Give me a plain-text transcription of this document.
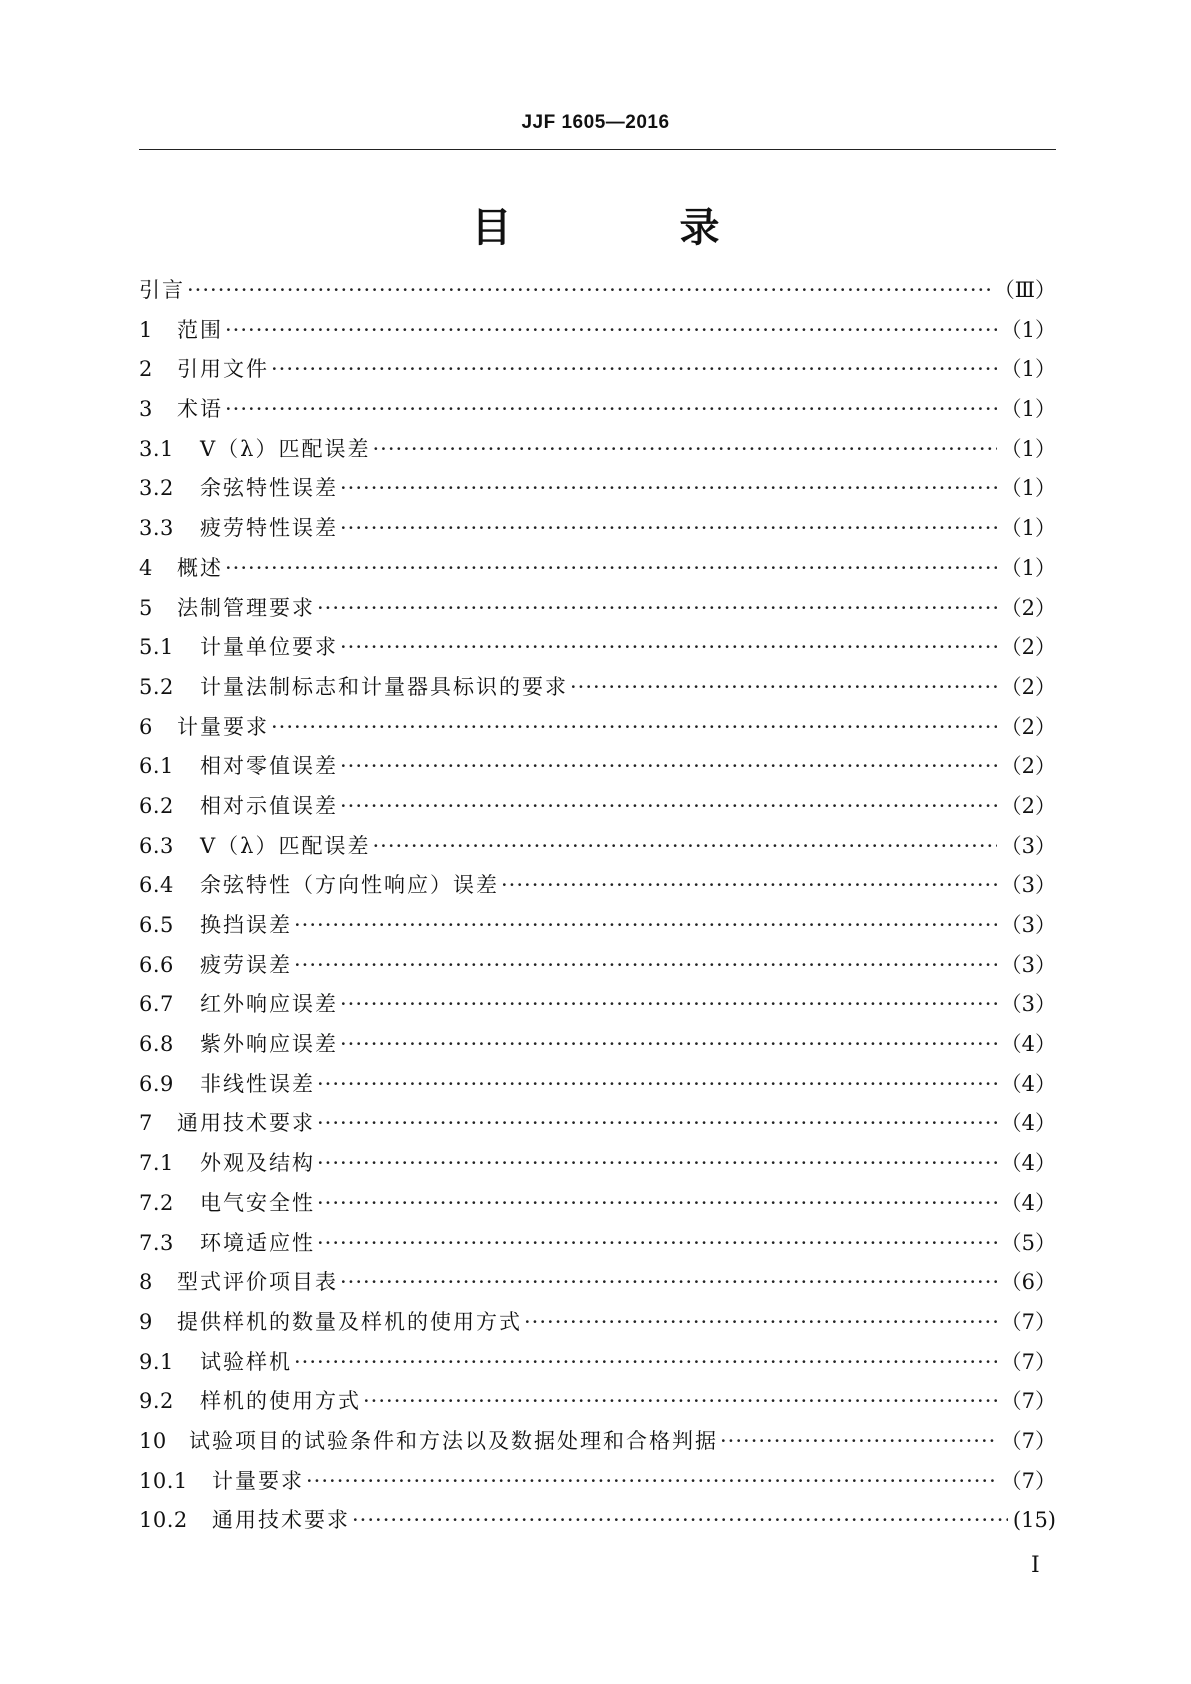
JJF 1605—2016
目　录
引言 ·····	（Ⅲ）
1	范围 ·····	（1）
2	引用文件 ·····	（1）
3	术语 ·····	（1）
3.1	V（λ）匹配误差 ·····	（1）
3.2	余弦特性误差 ·····	（1）
3.3	疲劳特性误差 ·····	（1）
4	概述 ·····	（1）
5	法制管理要求 ·····	（2）
5.1	计量单位要求 ·····	（2）
5.2	计量法制标志和计量器具标识的要求 ·····	（2）
6	计量要求 ·····	（2）
6.1	相对零值误差 ·····	（2）
6.2	相对示值误差 ·····	（2）
6.3	V（λ）匹配误差 ·····	（3）
6.4	余弦特性（方向性响应）误差 ·····	（3）
6.5	换挡误差 ·····	（3）
6.6	疲劳误差 ·····	（3）
6.7	红外响应误差 ·····	（3）
6.8	紫外响应误差 ·····	（4）
6.9	非线性误差 ·····	（4）
7	通用技术要求 ·····	（4）
7.1	外观及结构 ·····	（4）
7.2	电气安全性 ·····	（4）
7.3	环境适应性 ·····	（5）
8	型式评价项目表 ·····	（6）
9	提供样机的数量及样机的使用方式 ·····	（7）
9.1	试验样机 ·····	（7）
9.2	样机的使用方式 ·····	（7）
10	试验项目的试验条件和方法以及数据处理和合格判据 ·····	（7）
10.1	计量要求 ·····	（7）
10.2	通用技术要求 ·····	(15)
Ⅰ
